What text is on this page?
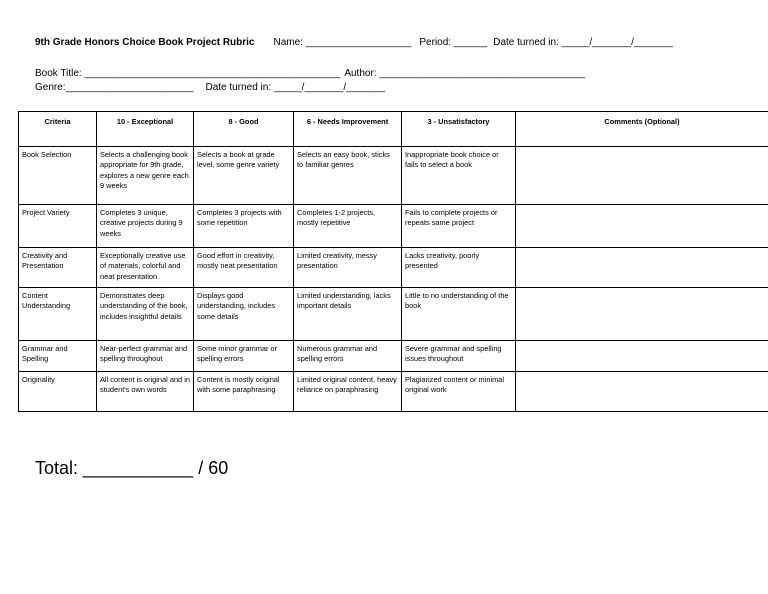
9th Grade Honors Choice Book Project Rubric Name: ___________________ Period: ______ Date turned in: _____/_______/_______
Book Title: ______________________________________________ Author: _____________________________________
Genre:_______________________ Date turned in: _____/_______/_______
Criteria	10 - Exceptional	8 - Good	6 - Needs Improvement	3 - Unsatisfactory	Comments (Optional)
Book Selection	Selects a challenging book appropriate for 9th grade, explores a new genre each 9 weeks	Selects a book at grade level, some genre variety	Selects an easy book, sticks to familiar genres	Inappropriate book choice or fails to select a book	
Project Variety	Completes 3 unique, creative projects during 9 weeks	Completes 3 projects with some repetition	Completes 1-2 projects, mostly repetitive	Fails to complete projects or repeats same project	
Creativity and Presentation	Exceptionally creative use of materials, colorful and neat presentation	Good effort in creativity, mostly neat presentation	Limited creativity, messy presentation	Lacks creativity, poorly presented	
Content Understanding	Demonstrates deep understanding of the book, includes insightful details	Displays good understanding, includes some details	Limited understanding, lacks important details	Little to no understanding of the book	
Grammar and Spelling	Near-perfect grammar and spelling throughout	Some minor grammar or spelling errors	Numerous grammar and spelling errors	Severe grammar and spelling issues throughout	
Originality	All content is original and in student's own words	Content is mostly original with some paraphrasing	Limited original content, heavy reliance on paraphrasing	Plagiarized content or minimal original work	
Total: ___________ / 60
